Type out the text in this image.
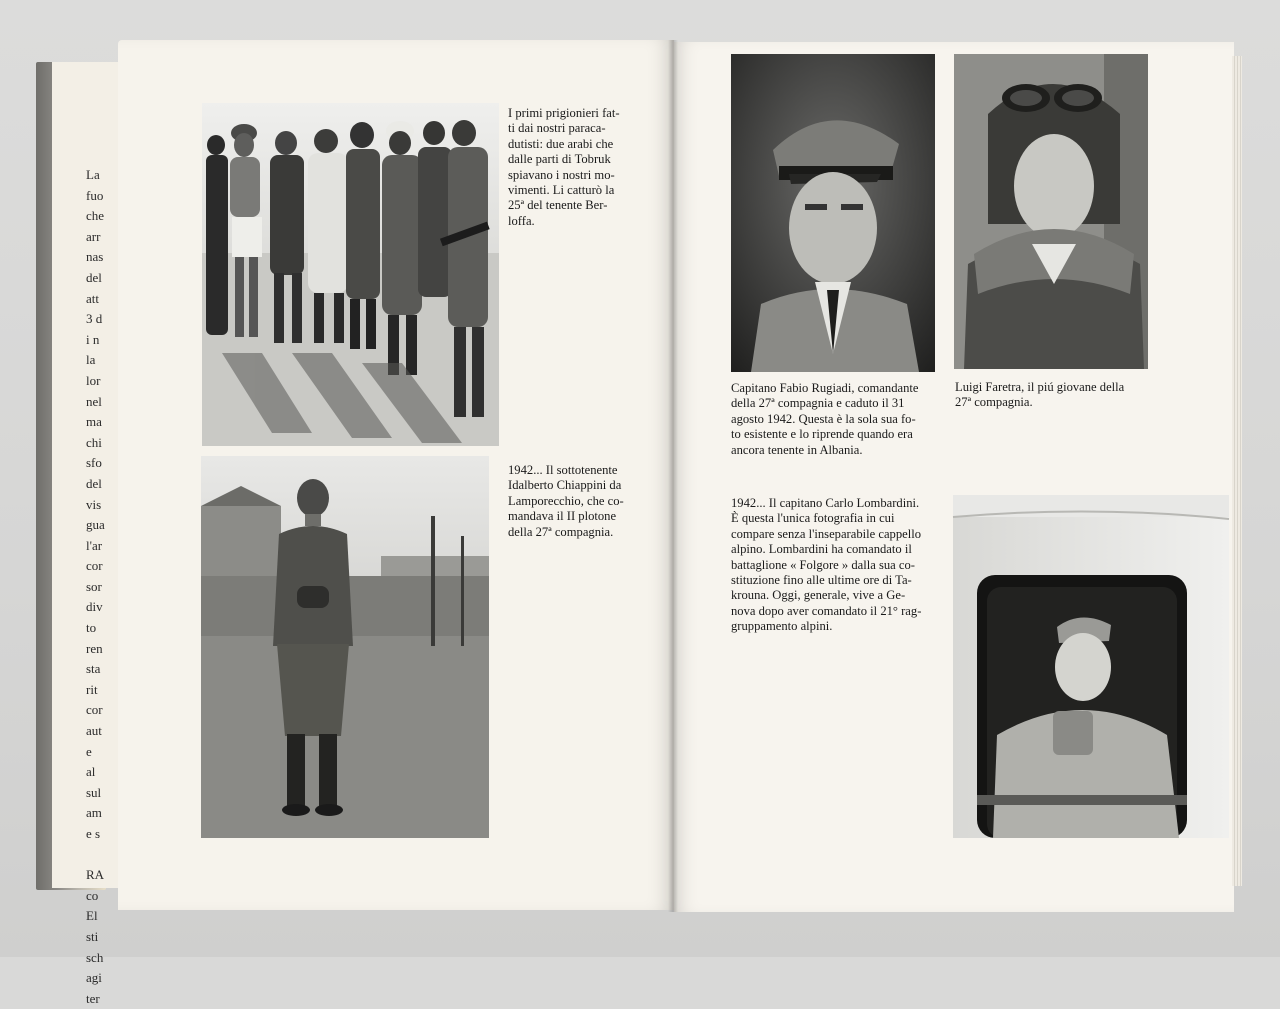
La
fuo
che
arr
nas
del
att
3 d
i n
la
lor
nel
ma
chi
sfo
del
vis
gua
l'ar
cor
sor
div
to
ren
sta
rit
cor
aut
e
al
sul
am
e s

RA
co
El
sti
sch
agi
ter

I primi prigionieri fat-
ti dai nostri paraca-
dutisti: due arabi che
dalle parti di Tobruk
spiavano i nostri mo-
vimenti. Li catturò la
25ª del tenente Ber-
loffa.

1942... Il sottotenente
Idalberto Chiappini da
Lamporecchio, che co-
mandava il II plotone
della 27ª compagnia.

Capitano Fabio Rugiadi, comandante
della 27ª compagnia e caduto il 31
agosto 1942. Questa è la sola sua fo-
to esistente e lo riprende quando era
ancora tenente in Albania.

Luigi Faretra, il piú giovane della
27ª compagnia.

1942... Il capitano Carlo Lombardini.
È questa l'unica fotografia in cui
compare senza l'inseparabile cappello
alpino. Lombardini ha comandato il
battaglione « Folgore » dalla sua co-
stituzione fino alle ultime ore di Ta-
krouna. Oggi, generale, vive a Ge-
nova dopo aver comandato il 21° rag-
gruppamento alpini.
